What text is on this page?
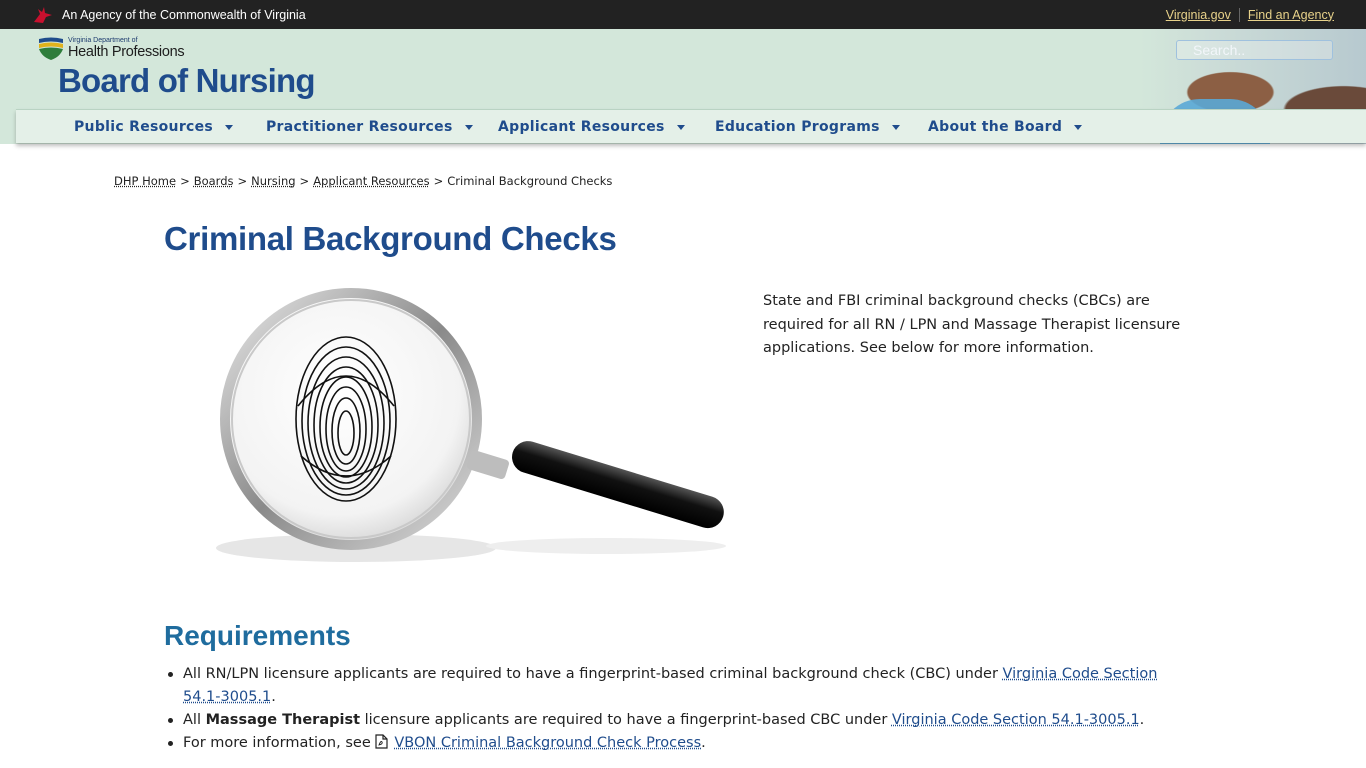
An Agency of the Commonwealth of Virginia	Virginia.gov Find an Agency
Virginia Department of
Health Professions
Board of Nursing
Search..
Public Resources	Practitioner Resources	Applicant Resources	Education Programs	About the Board
DHP Home > Boards > Nursing > Applicant Resources > Criminal Background Checks
Criminal Background Checks

State and FBI criminal background checks (CBCs) are required for all RN / LPN and Massage Therapist licensure applications. See below for more information.

Requirements
All RN/LPN licensure applicants are required to have a fingerprint-based criminal background check (CBC) under Virginia Code Section 54.1-3005.1.
All Massage Therapist licensure applicants are required to have a fingerprint-based CBC under Virginia Code Section 54.1-3005.1.
For more information, see VBON Criminal Background Check Process.
